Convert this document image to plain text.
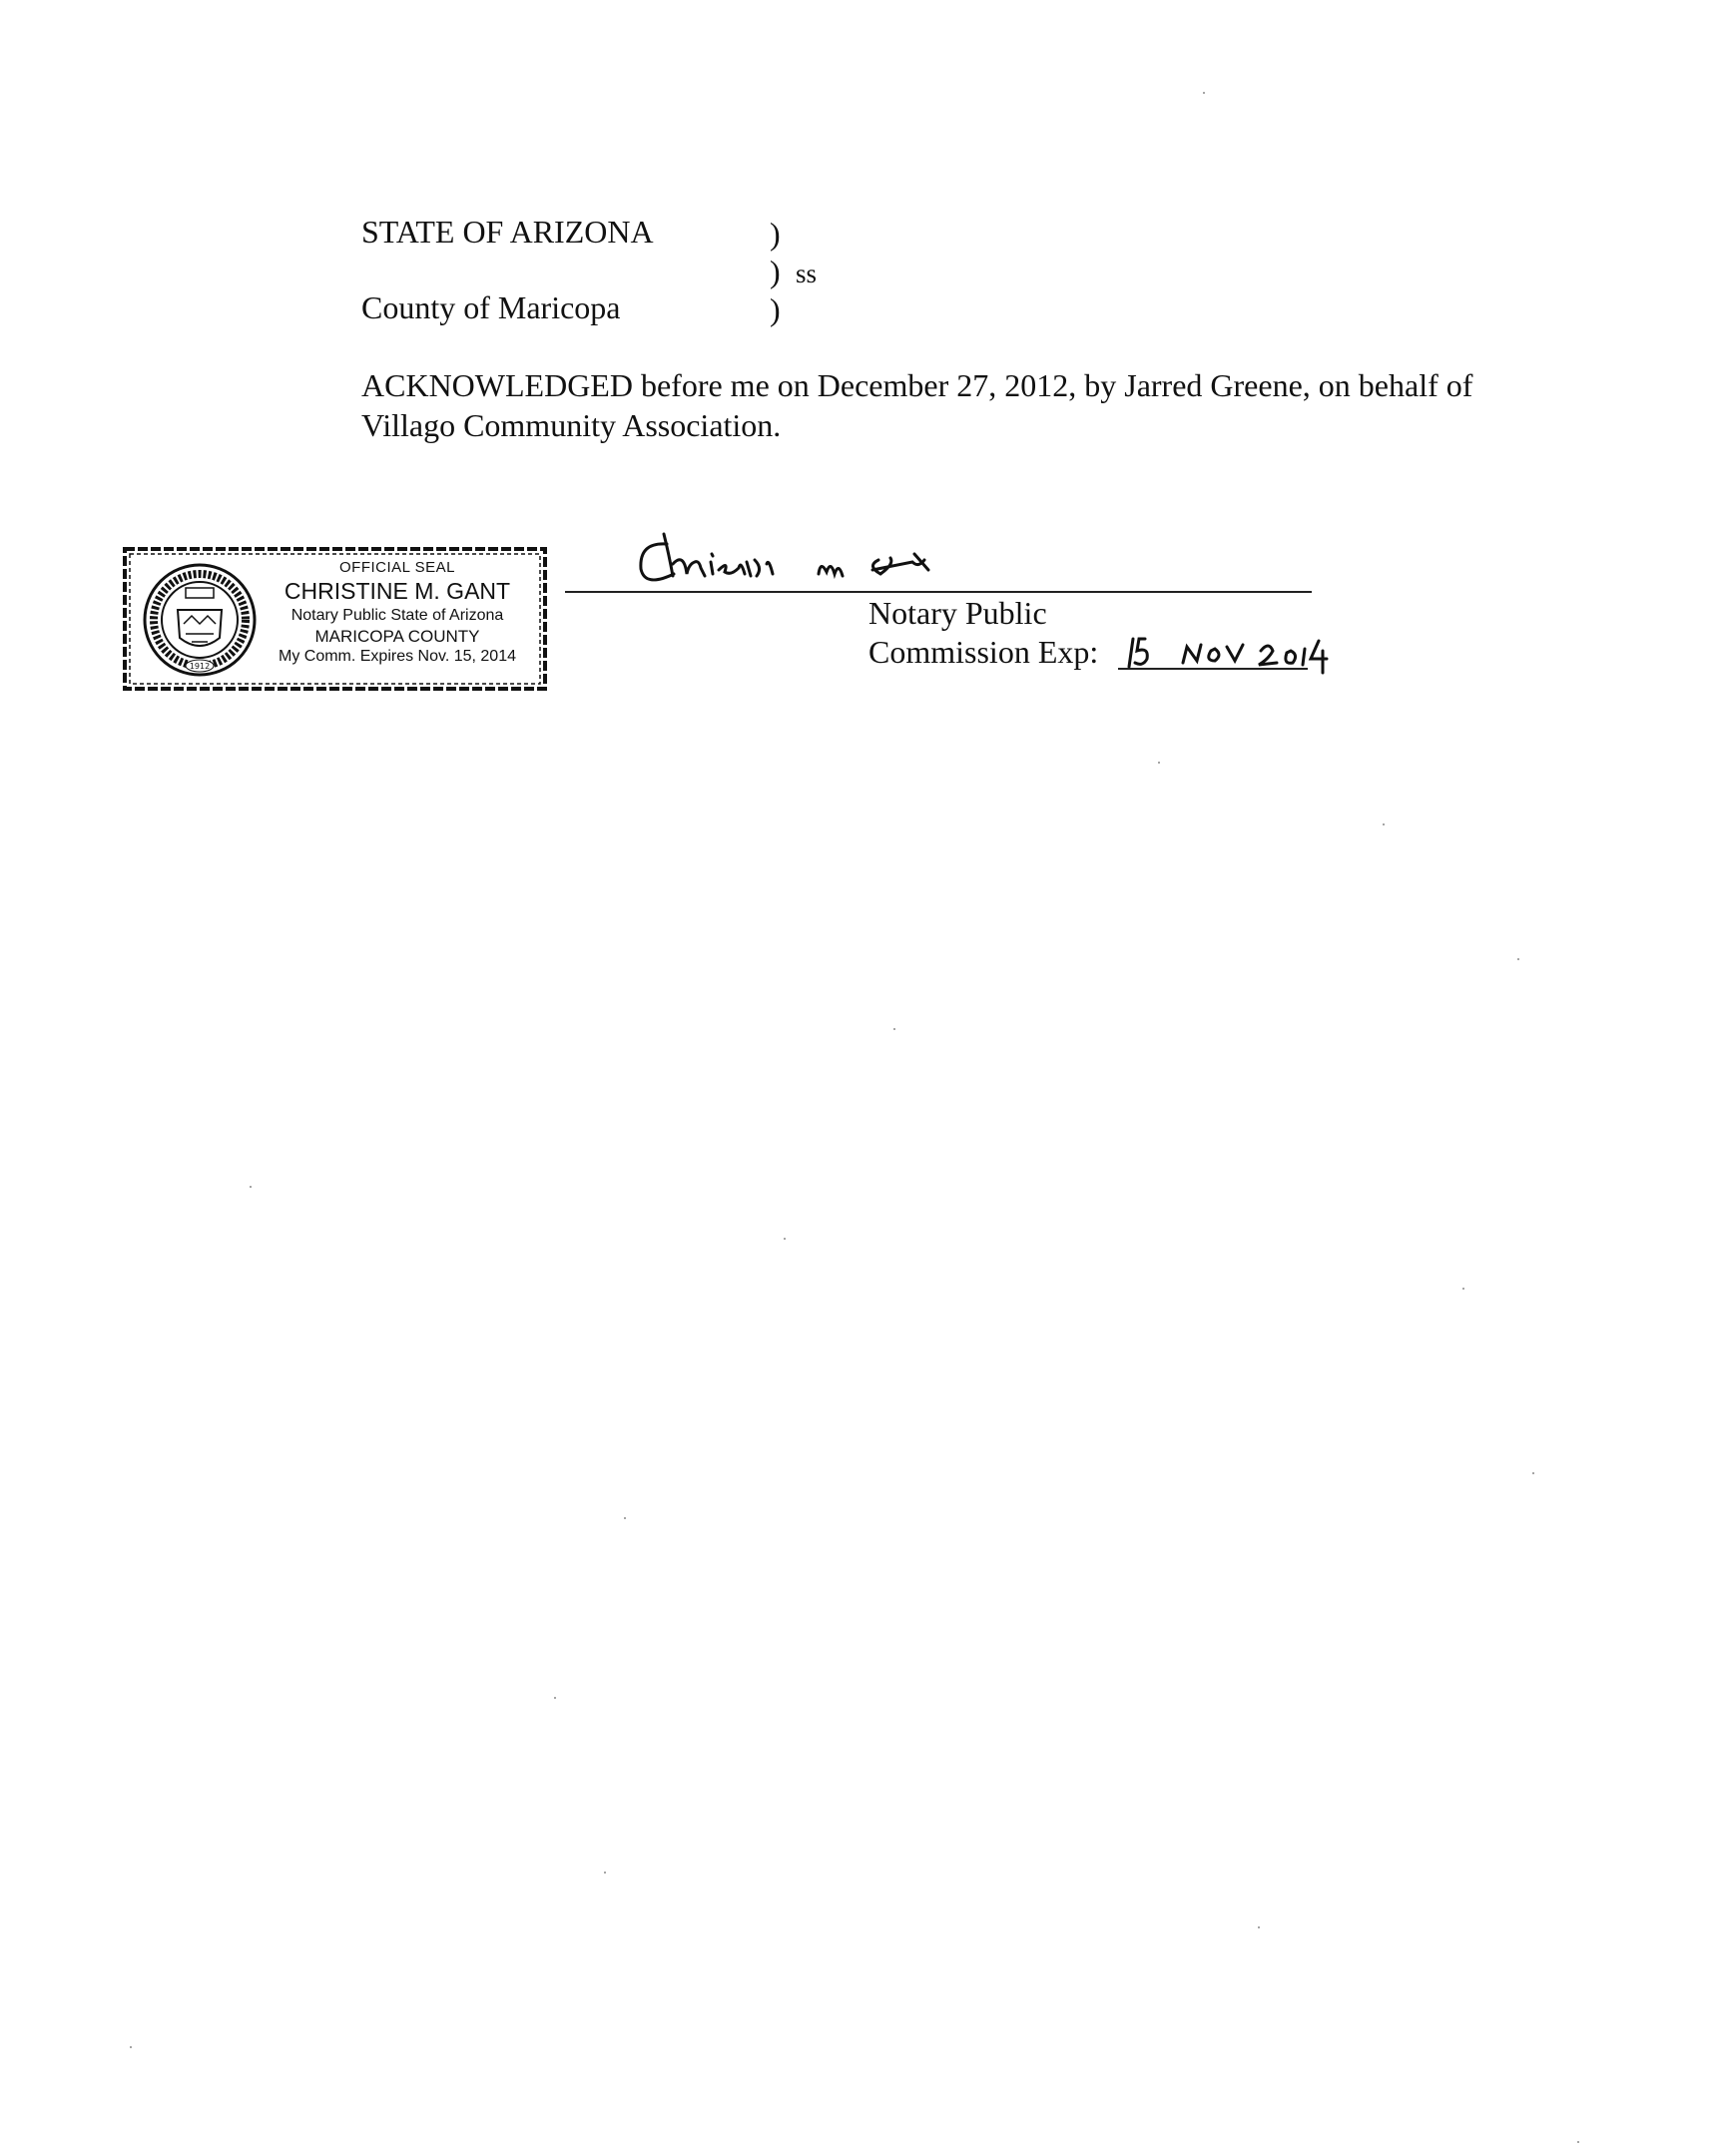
STATE OF ARIZONA	)
) ss
County of Maricopa	)
ACKNOWLEDGED before me on December 27, 2012, by Jarred Greene, on behalf of Villago Community Association.
1912
OFFICIAL SEAL
CHRISTINE M. GANT
Notary Public State of Arizona
MARICOPA COUNTY
My Comm. Expires Nov. 15, 2014
Notary Public
Commission Exp:
